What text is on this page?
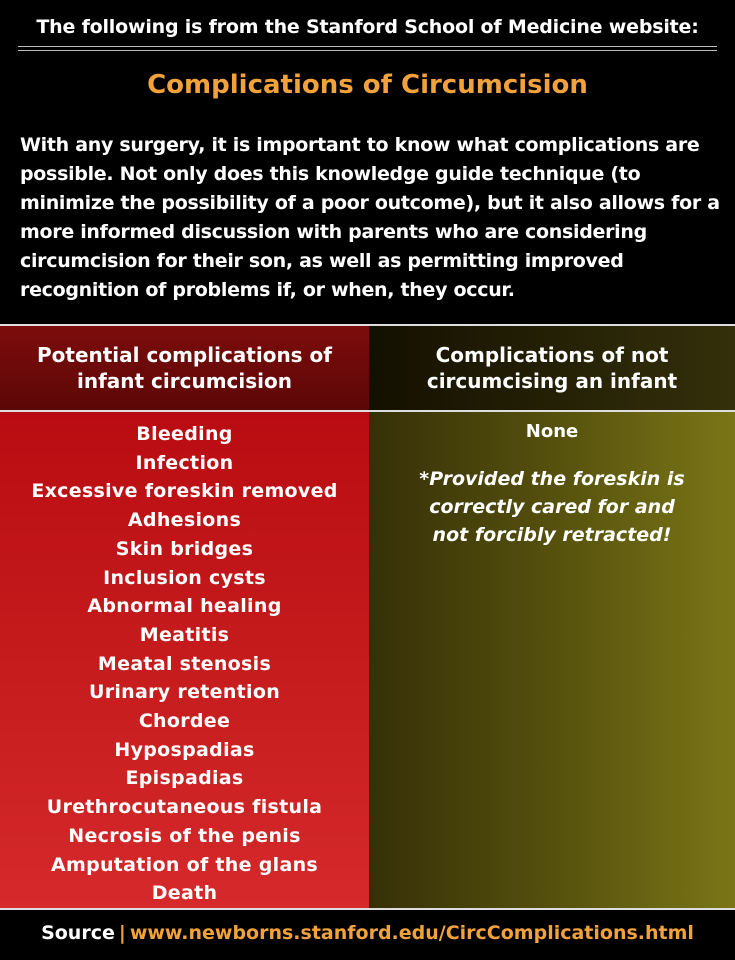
The following is from the Stanford School of Medicine website:
Complications of Circumcision

With any surgery, it is important to know what complications are possible. Not only does this knowledge guide technique (to minimize the possibility of a poor outcome), but it also allows for a more informed discussion with parents who are considering circumcision for their son, as well as permitting improved recognition of problems if, or when, they occur.

Potential complications of
infant circumcision
Bleeding
Infection
Excessive foreskin removed
Adhesions
Skin bridges
Inclusion cysts
Abnormal healing
Meatitis
Meatal stenosis
Urinary retention
Chordee
Hypospadias
Epispadias
Urethrocutaneous fistula
Necrosis of the penis
Amputation of the glans
Death
Complications of not
circumcising an infant
None
*Provided the foreskin is
correctly cared for and
not forcibly retracted!
Source | www.newborns.stanford.edu/CircComplications.html
